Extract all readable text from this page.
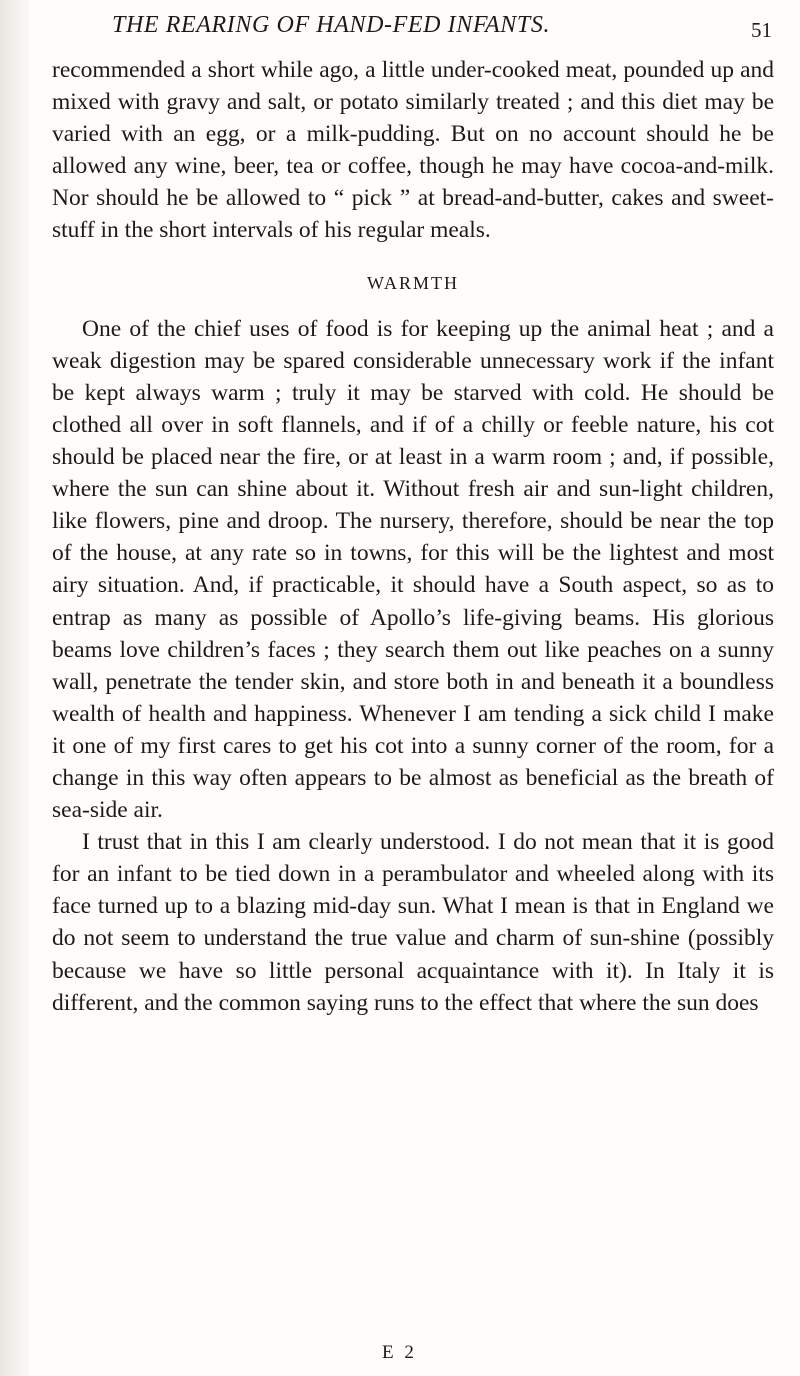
THE REARING OF HAND-FED INFANTS.	51

recommended a short while ago, a little under-cooked meat, pounded up and mixed with gravy and salt, or potato similarly treated ; and this diet may be varied with an egg, or a milk-pudding. But on no account should he be allowed any wine, beer, tea or coffee, though he may have cocoa-and-milk. Nor should he be allowed to “ pick ” at bread-and-butter, cakes and sweet-stuff in the short intervals of his regular meals.

WARMTH

One of the chief uses of food is for keeping up the animal heat ; and a weak digestion may be spared considerable unnecessary work if the infant be kept always warm ; truly it may be starved with cold. He should be clothed all over in soft flannels, and if of a chilly or feeble nature, his cot should be placed near the fire, or at least in a warm room ; and, if possible, where the sun can shine about it. Without fresh air and sun-light children, like flowers, pine and droop. The nursery, therefore, should be near the top of the house, at any rate so in towns, for this will be the lightest and most airy situation. And, if practicable, it should have a South aspect, so as to entrap as many as possible of Apollo’s life-giving beams. His glorious beams love children’s faces ; they search them out like peaches on a sunny wall, penetrate the tender skin, and store both in and beneath it a boundless wealth of health and happiness. Whenever I am tending a sick child I make it one of my first cares to get his cot into a sunny corner of the room, for a change in this way often appears to be almost as beneficial as the breath of sea-side air.

I trust that in this I am clearly understood. I do not mean that it is good for an infant to be tied down in a perambulator and wheeled along with its face turned up to a blazing mid-day sun. What I mean is that in England we do not seem to understand the true value and charm of sun-shine (possibly because we have so little personal acquaintance with it). In Italy it is different, and the common saying runs to the effect that where the sun does

E 2
